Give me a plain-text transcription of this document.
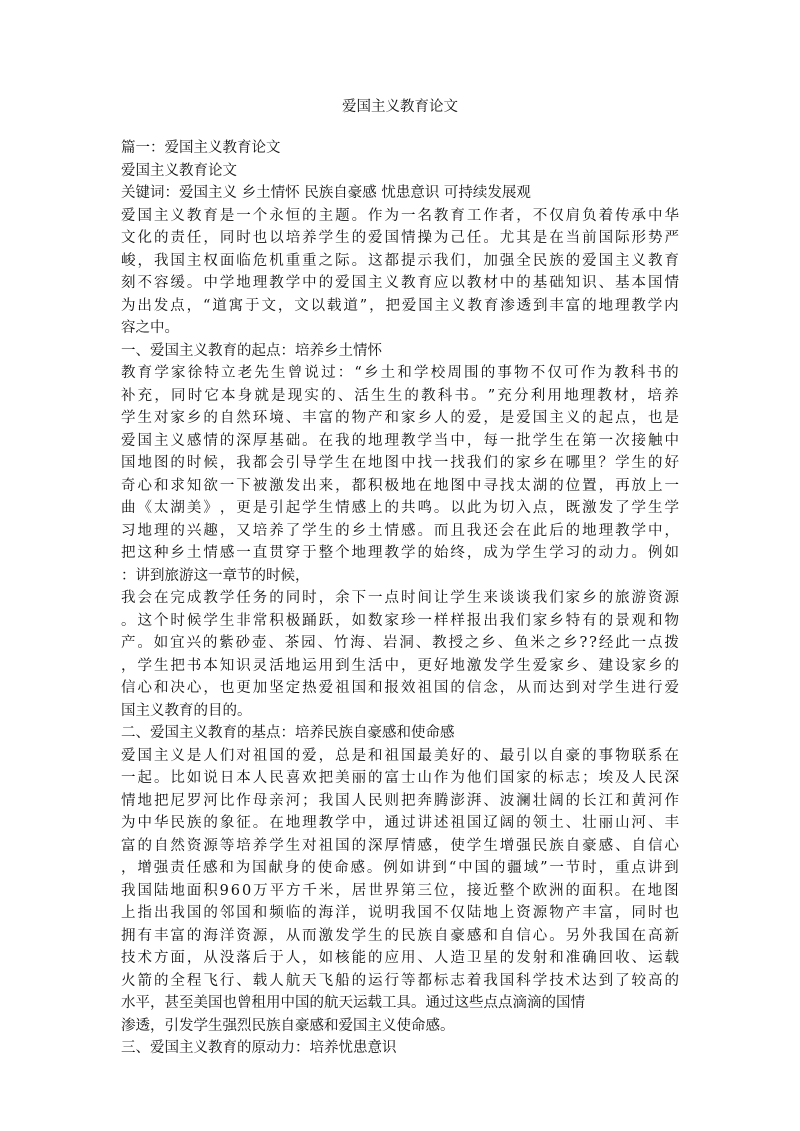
爱国主义教育论文
篇一：爱国主义教育论文
爱国主义教育论文
关键词：爱国主义 乡土情怀 民族自豪感 忧患意识 可持续发展观
爱 国 主 义 教 育 是 一 个 永 恒 的 主 题 。 作 为 一 名 教 育 工 作 者 ， 不 仅 肩 负 着 传 承 中 华
文 化 的 责 任 ， 同 时 也 以 培 养 学 生 的 爱 国 情 操 为 己 任 。 尤 其 是 在 当 前 国 际 形 势 严
峻 ， 我 国 主 权 面 临 危 机 重 重 之 际 。 这 都 提 示 我 们 ， 加 强 全 民 族 的 爱 国 主 义 教 育
刻 不 容 缓 。 中 学 地 理 教 学 中 的 爱 国 主 义 教 育 应 以 教 材 中 的 基 础 知 识 、 基 本 国 情
为 出 发 点 ， “ 道 寓 于 文 ， 文 以 载 道 ” ， 把 爱 国 主 义 教 育 渗 透 到 丰 富 的 地 理 教 学 内
容之中。
一、爱国主义教育的起点：培养乡土情怀
教 育 学 家 徐 特 立 老 先 生 曾 说 过 ： “ 乡 土 和 学 校 周 围 的 事 物 不 仅 可 作 为 教 科 书 的
补 充 ， 同 时 它 本 身 就 是 现 实 的 、 活 生 生 的 教 科 书 。 ” 充 分 利 用 地 理 教 材 ， 培 养
学 生 对 家 乡 的 自 然 环 境 、 丰 富 的 物 产 和 家 乡 人 的 爱 ， 是 爱 国 主 义 的 起 点 ， 也 是
爱 国 主 义 感 情 的 深 厚 基 础 。 在 我 的 地 理 教 学 当 中 ， 每 一 批 学 生 在 第 一 次 接 触 中
国 地 图 的 时 候 ， 我 都 会 引 导 学 生 在 地 图 中 找 一 找 我 们 的 家 乡 在 哪 里 ？ 学 生 的 好
奇 心 和 求 知 欲 一 下 被 激 发 出 来 ， 都 积 极 地 在 地 图 中 寻 找 太 湖 的 位 置 ， 再 放 上 一
曲 《 太 湖 美 》 ， 更 是 引 起 学 生 情 感 上 的 共 鸣 。 以 此 为 切 入 点 ， 既 激 发 了 学 生 学
习 地 理 的 兴 趣 ， 又 培 养 了 学 生 的 乡 土 情 感 。 而 且 我 还 会 在 此 后 的 地 理 教 学 中 ，
把 这 种 乡 土 情 感 一 直 贯 穿 于 整 个 地 理 教 学 的 始 终 ， 成 为 学 生 学 习 的 动 力 。 例 如
：讲到旅游这一章节的时候，
我 会 在 完 成 教 学 任 务 的 同 时 ， 余 下 一 点 时 间 让 学 生 来 谈 谈 我 们 家 乡 的 旅 游 资 源
。 这 个 时 候 学 生 非 常 积 极 踊 跃 ， 如 数 家 珍 一 样 样 报 出 我 们 家 乡 特 有 的 景 观 和 物
产 。 如 宜 兴 的 紫 砂 壶 、 茶 园 、 竹 海 、 岩 洞 、 教 授 之 乡 、 鱼 米 之 乡 ? ? 经 此 一 点 拨
， 学 生 把 书 本 知 识 灵 活 地 运 用 到 生 活 中 ， 更 好 地 激 发 学 生 爱 家 乡 、 建 设 家 乡 的
信 心 和 决 心 ， 也 更 加 坚 定 热 爱 祖 国 和 报 效 祖 国 的 信 念 ， 从 而 达 到 对 学 生 进 行 爱
国主义教育的目的。
二、爱国主义教育的基点：培养民族自豪感和使命感
爱 国 主 义 是 人 们 对 祖 国 的 爱 ， 总 是 和 祖 国 最 美 好 的 、 最 引 以 自 豪 的 事 物 联 系 在
一 起 。 比 如 说 日 本 人 民 喜 欢 把 美 丽 的 富 士 山 作 为 他 们 国 家 的 标 志 ； 埃 及 人 民 深
情 地 把 尼 罗 河 比 作 母 亲 河 ； 我 国 人 民 则 把 奔 腾 澎 湃 、 波 澜 壮 阔 的 长 江 和 黄 河 作
为 中 华 民 族 的 象 征 。 在 地 理 教 学 中 ， 通 过 讲 述 祖 国 辽 阔 的 领 土 、 壮 丽 山 河 、 丰
富 的 自 然 资 源 等 培 养 学 生 对 祖 国 的 深 厚 情 感 ， 使 学 生 增 强 民 族 自 豪 感 、 自 信 心
， 增 强 责 任 感 和 为 国 献 身 的 使 命 感 。 例 如 讲 到 “ 中 国 的 疆 域 ” 一 节 时 ， 重 点 讲 到
我 国 陆 地 面 积 9 6 0 万 平 方 千 米 ， 居 世 界 第 三 位 ， 接 近 整 个 欧 洲 的 面 积 。 在 地 图
上 指 出 我 国 的 邻 国 和 频 临 的 海 洋 ， 说 明 我 国 不 仅 陆 地 上 资 源 物 产 丰 富 ， 同 时 也
拥 有 丰 富 的 海 洋 资 源 ， 从 而 激 发 学 生 的 民 族 自 豪 感 和 自 信 心 。 另 外 我 国 在 高 新
技 术 方 面 ， 从 没 落 后 于 人 ， 如 核 能 的 应 用 、 人 造 卫 星 的 发 射 和 准 确 回 收 、 运 载
火 箭 的 全 程 飞 行 、 载 人 航 天 飞 船 的 运 行 等 都 标 志 着 我 国 科 学 技 术 达 到 了 较 高 的
水平，甚至美国也曾租用中国的航天运载工具。通过这些点点滴滴的国情
渗透，引发学生强烈民族自豪感和爱国主义使命感。
三、爱国主义教育的原动力：培养忧患意识
